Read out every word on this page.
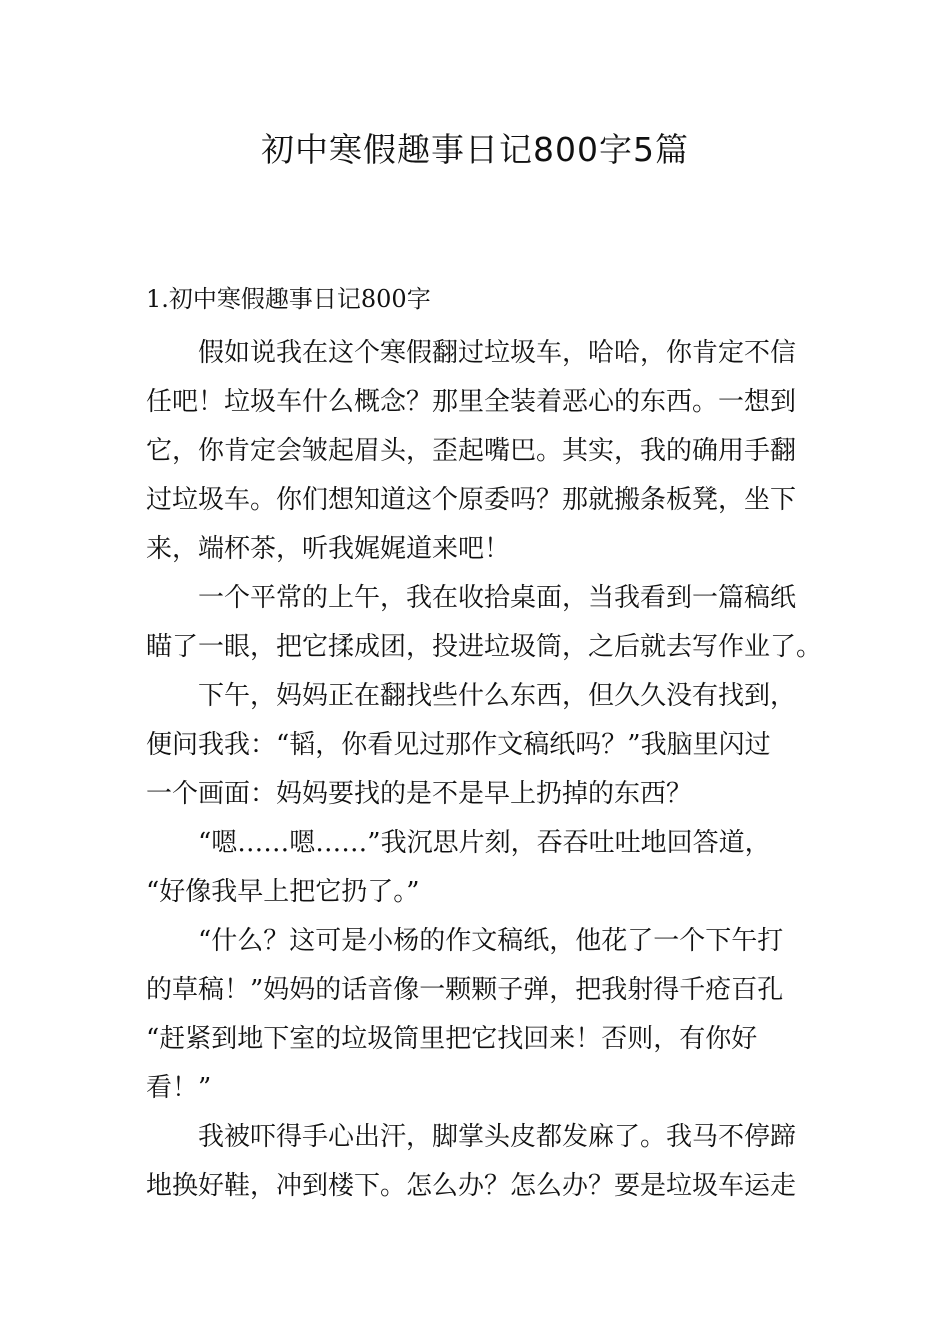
初中寒假趣事日记800字5篇
1.初中寒假趣事日记800字

假如说我在这个寒假翻过垃圾车，哈哈，你肯定不信
任吧！垃圾车什么概念？那里全装着恶心的东西。一想到
它，你肯定会皱起眉头，歪起嘴巴。其实，我的确用手翻
过垃圾车。你们想知道这个原委吗？那就搬条板凳，坐下
来，端杯茶，听我娓娓道来吧！

一个平常的上午，我在收拾桌面，当我看到一篇稿纸
瞄了一眼，把它揉成团，投进垃圾筒，之后就去写作业了。

下午，妈妈正在翻找些什么东西，但久久没有找到，
便问我我：“韬，你看见过那作文稿纸吗？”我脑里闪过
一个画面：妈妈要找的是不是早上扔掉的东西？

“嗯……嗯……”我沉思片刻，吞吞吐吐地回答道，
“好像我早上把它扔了。”

“什么？这可是小杨的作文稿纸，他花了一个下午打
的草稿！”妈妈的话音像一颗颗子弹，把我射得千疮百孔
“赶紧到地下室的垃圾筒里把它找回来！否则，有你好
看！”

我被吓得手心出汗，脚掌头皮都发麻了。我马不停蹄
地换好鞋，冲到楼下。怎么办？怎么办？要是垃圾车运走
